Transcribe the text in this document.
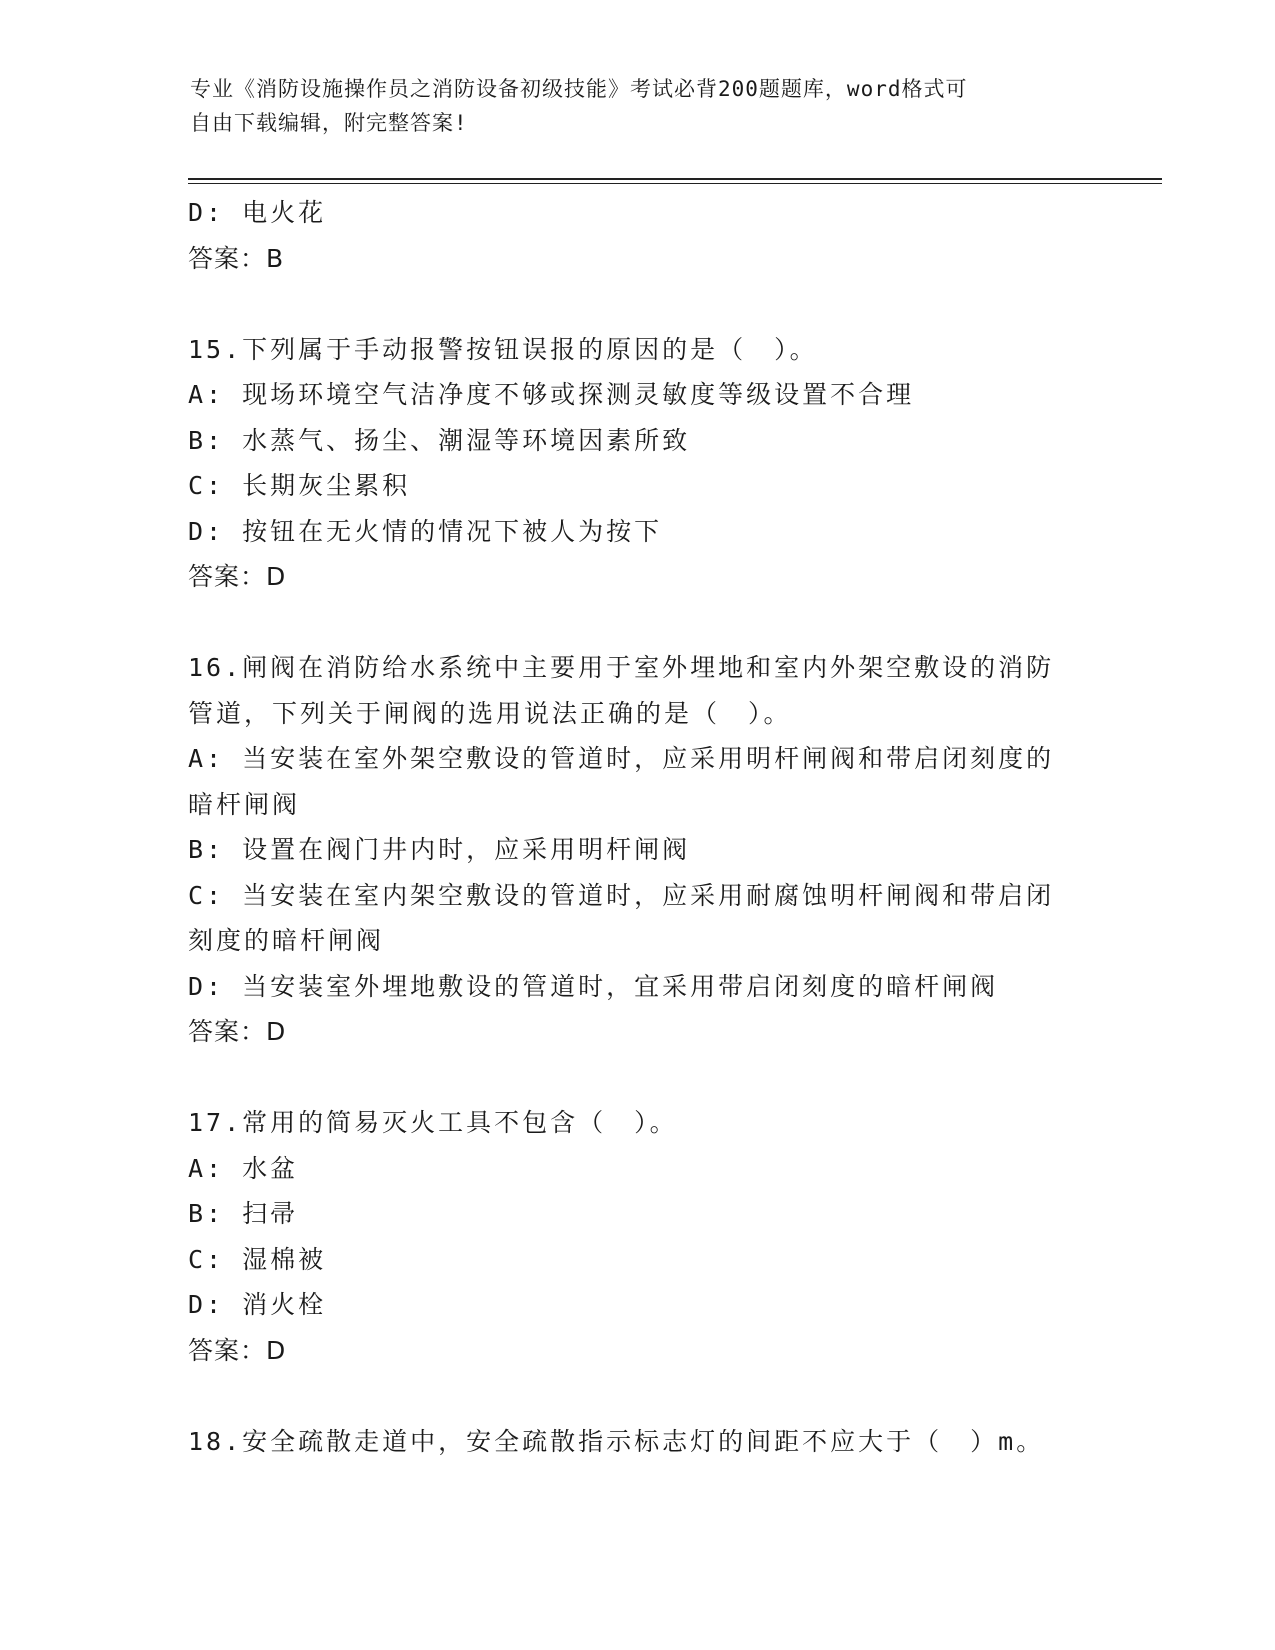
专业《消防设施操作员之消防设备初级技能》考试必背200题题库，word格式可
自由下载编辑，附完整答案!
D: 电火花
答案：B
15.下列属于手动报警按钮误报的原因的是（　）。
A: 现场环境空气洁净度不够或探测灵敏度等级设置不合理
B: 水蒸气、扬尘、潮湿等环境因素所致
C: 长期灰尘累积
D: 按钮在无火情的情况下被人为按下
答案：D
16.闸阀在消防给水系统中主要用于室外埋地和室内外架空敷设的消防
管道，下列关于闸阀的选用说法正确的是（　）。
A: 当安装在室外架空敷设的管道时，应采用明杆闸阀和带启闭刻度的
暗杆闸阀
B: 设置在阀门井内时，应采用明杆闸阀
C: 当安装在室内架空敷设的管道时，应采用耐腐蚀明杆闸阀和带启闭
刻度的暗杆闸阀
D: 当安装室外埋地敷设的管道时，宜采用带启闭刻度的暗杆闸阀
答案：D
17.常用的简易灭火工具不包含（　）。
A: 水盆
B: 扫帚
C: 湿棉被
D: 消火栓
答案：D
18.安全疏散走道中，安全疏散指示标志灯的间距不应大于（　）m。
